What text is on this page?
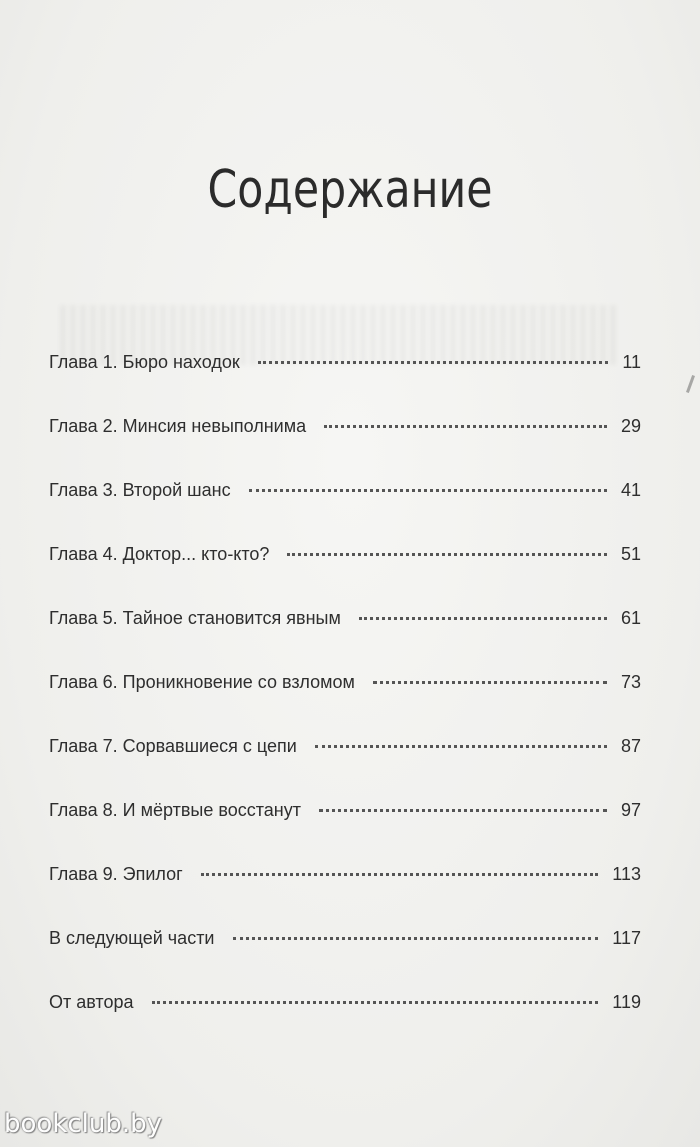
Содержание
Глава 1. Бюро находок	11
Глава 2. Минсия невыполнима	29
Глава 3. Второй шанс	41
Глава 4. Доктор... кто-кто?	51
Глава 5. Тайное становится явным	61
Глава 6. Проникновение со взломом	73
Глава 7. Сорвавшиеся с цепи	87
Глава 8. И мёртвые восстанут	97
Глава 9. Эпилог	113
В следующей части	117
От автора	119
bookclub.by
